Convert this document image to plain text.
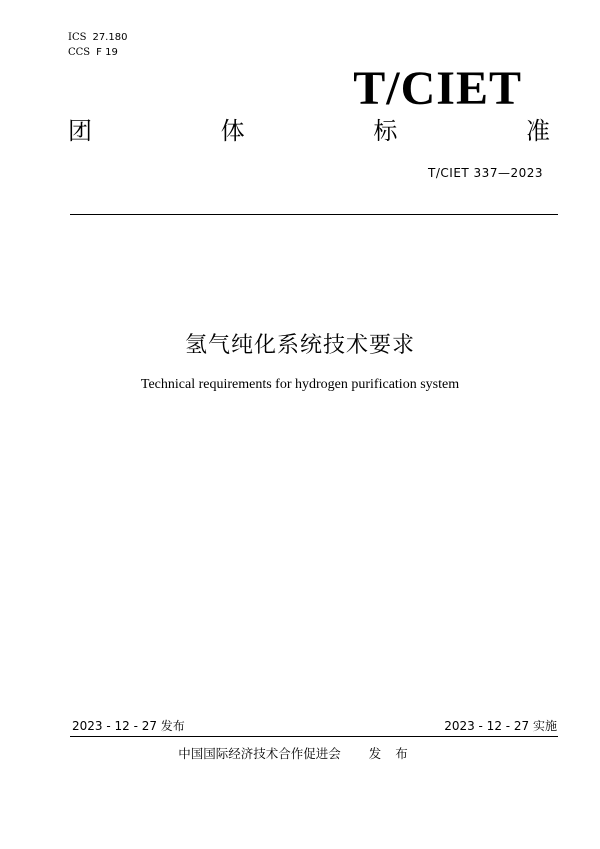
ICS 27.180
CCS F 19
T/CIET
团	体	标	准
T/CIET 337—2023
氢气纯化系统技术要求
Technical requirements for hydrogen purification system
2023 - 12 - 27 发布	2023 - 12 - 27 实施
中国国际经济技术合作促进会 发布
